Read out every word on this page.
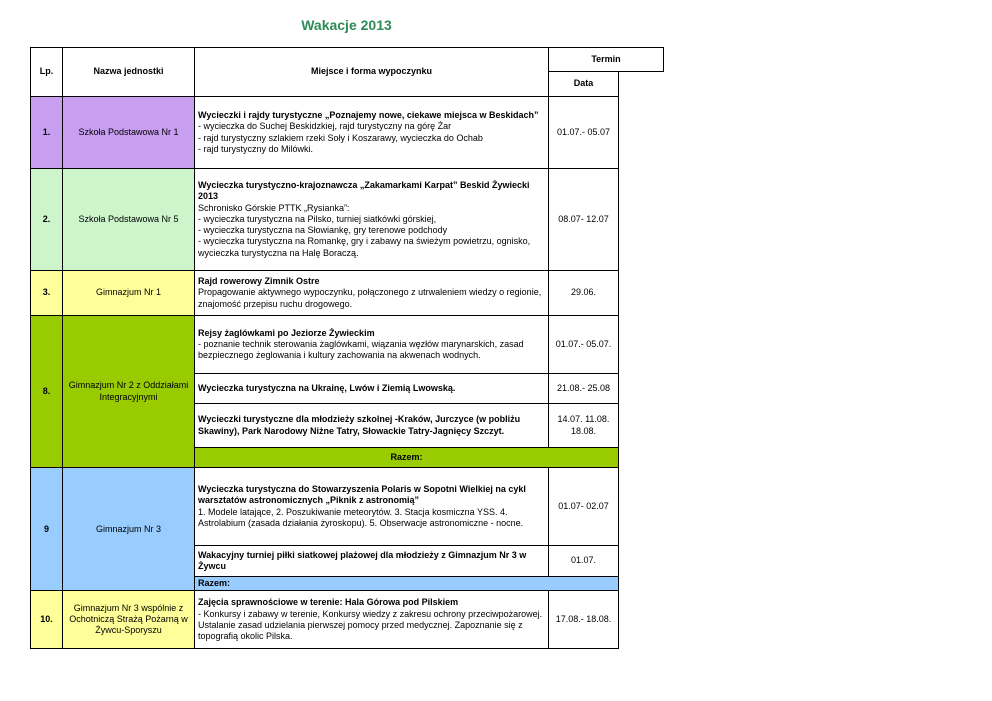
Wakacje 2013
Lp.	Nazwa jednostki	Miejsce i forma wypoczynku	Termin	
			Data	
1.	Szkoła Podstawowa Nr 1	Wycieczki i rajdy turystyczne „Poznajemy nowe, ciekawe miejsca w Beskidach”
- wycieczka do Suchej Beskidzkiej, rajd turystyczny na górę Żar
- rajd turystyczny szlakiem rzeki Soły i Koszarawy, wycieczka do Ochab
- rajd turystyczny do Milówki.	01.07.- 05.07	
2.	Szkoła Podstawowa Nr 5	Wycieczka turystyczno-krajoznawcza „Zakamarkami Karpat” Beskid Żywiecki 2013
Schronisko Górskie PTTK „Rysianka”:
- wycieczka turystyczna na Pilsko, turniej siatkówki górskiej,
- wycieczka turystyczna na Słowiankę, gry terenowe podchody
- wycieczka turystyczna na Romankę, gry i zabawy na świeżym powietrzu, ognisko, wycieczka turystyczna na Halę Boraczą.	08.07- 12.07	
3.	Gimnazjum Nr 1	Rajd rowerowy Zimnik Ostre
Propagowanie aktywnego wypoczynku, połączonego z utrwaleniem wiedzy o regionie, znajomość przepisu ruchu drogowego.	29.06.	
8.	Gimnazjum Nr 2 z Oddziałami Integracyjnymi	Rejsy żaglówkami po Jeziorze Żywieckim
- poznanie technik sterowania żaglówkami, wiązania węzłów marynarskich, zasad bezpiecznego żeglowania i kultury zachowania na akwenach wodnych.	01.07.- 05.07.	

		Wycieczka turystyczna na Ukrainę, Lwów i Ziemią Lwowską.	21.08.- 25.08	

		Wycieczki turystyczne dla młodzieży szkolnej -Kraków, Jurczyce (w pobliżu Skawiny), Park Narodowy Niżne Tatry, Słowackie Tatry-Jagnięcy Szczyt.	14.07. 11.08. 18.08.	
		Razem:		
9	Gimnazjum Nr 3	Wycieczka turystyczna do Stowarzyszenia Polaris w Sopotni Wielkiej na cykl warsztatów astronomicznych „Piknik z astronomią”
1. Modele latające, 2. Poszukiwanie meteorytów. 3. Stacja kosmiczna YSS. 4. Astrolabium (zasada działania żyroskopu). 5. Obserwacje astronomiczne - nocne.	01.07- 02.07	

		Wakacyjny turniej piłki siatkowej plażowej dla młodzieży z Gimnazjum Nr 3 w Żywcu	01.07.	
		Razem:		
10.	Gimnazjum Nr 3 wspólnie z Ochotniczą Strażą Pożarną w Żywcu-Sporyszu	Zajęcia sprawnościowe w terenie: Hala Górowa pod Pilskiem
- Konkursy i zabawy w terenie, Konkursy wiedzy z zakresu ochrony przeciwpożarowej. Ustalanie zasad udzielania pierwszej pomocy przed medycznej. Zapoznanie się z topografią okolic Pilska.	17.08.- 18.08.	
